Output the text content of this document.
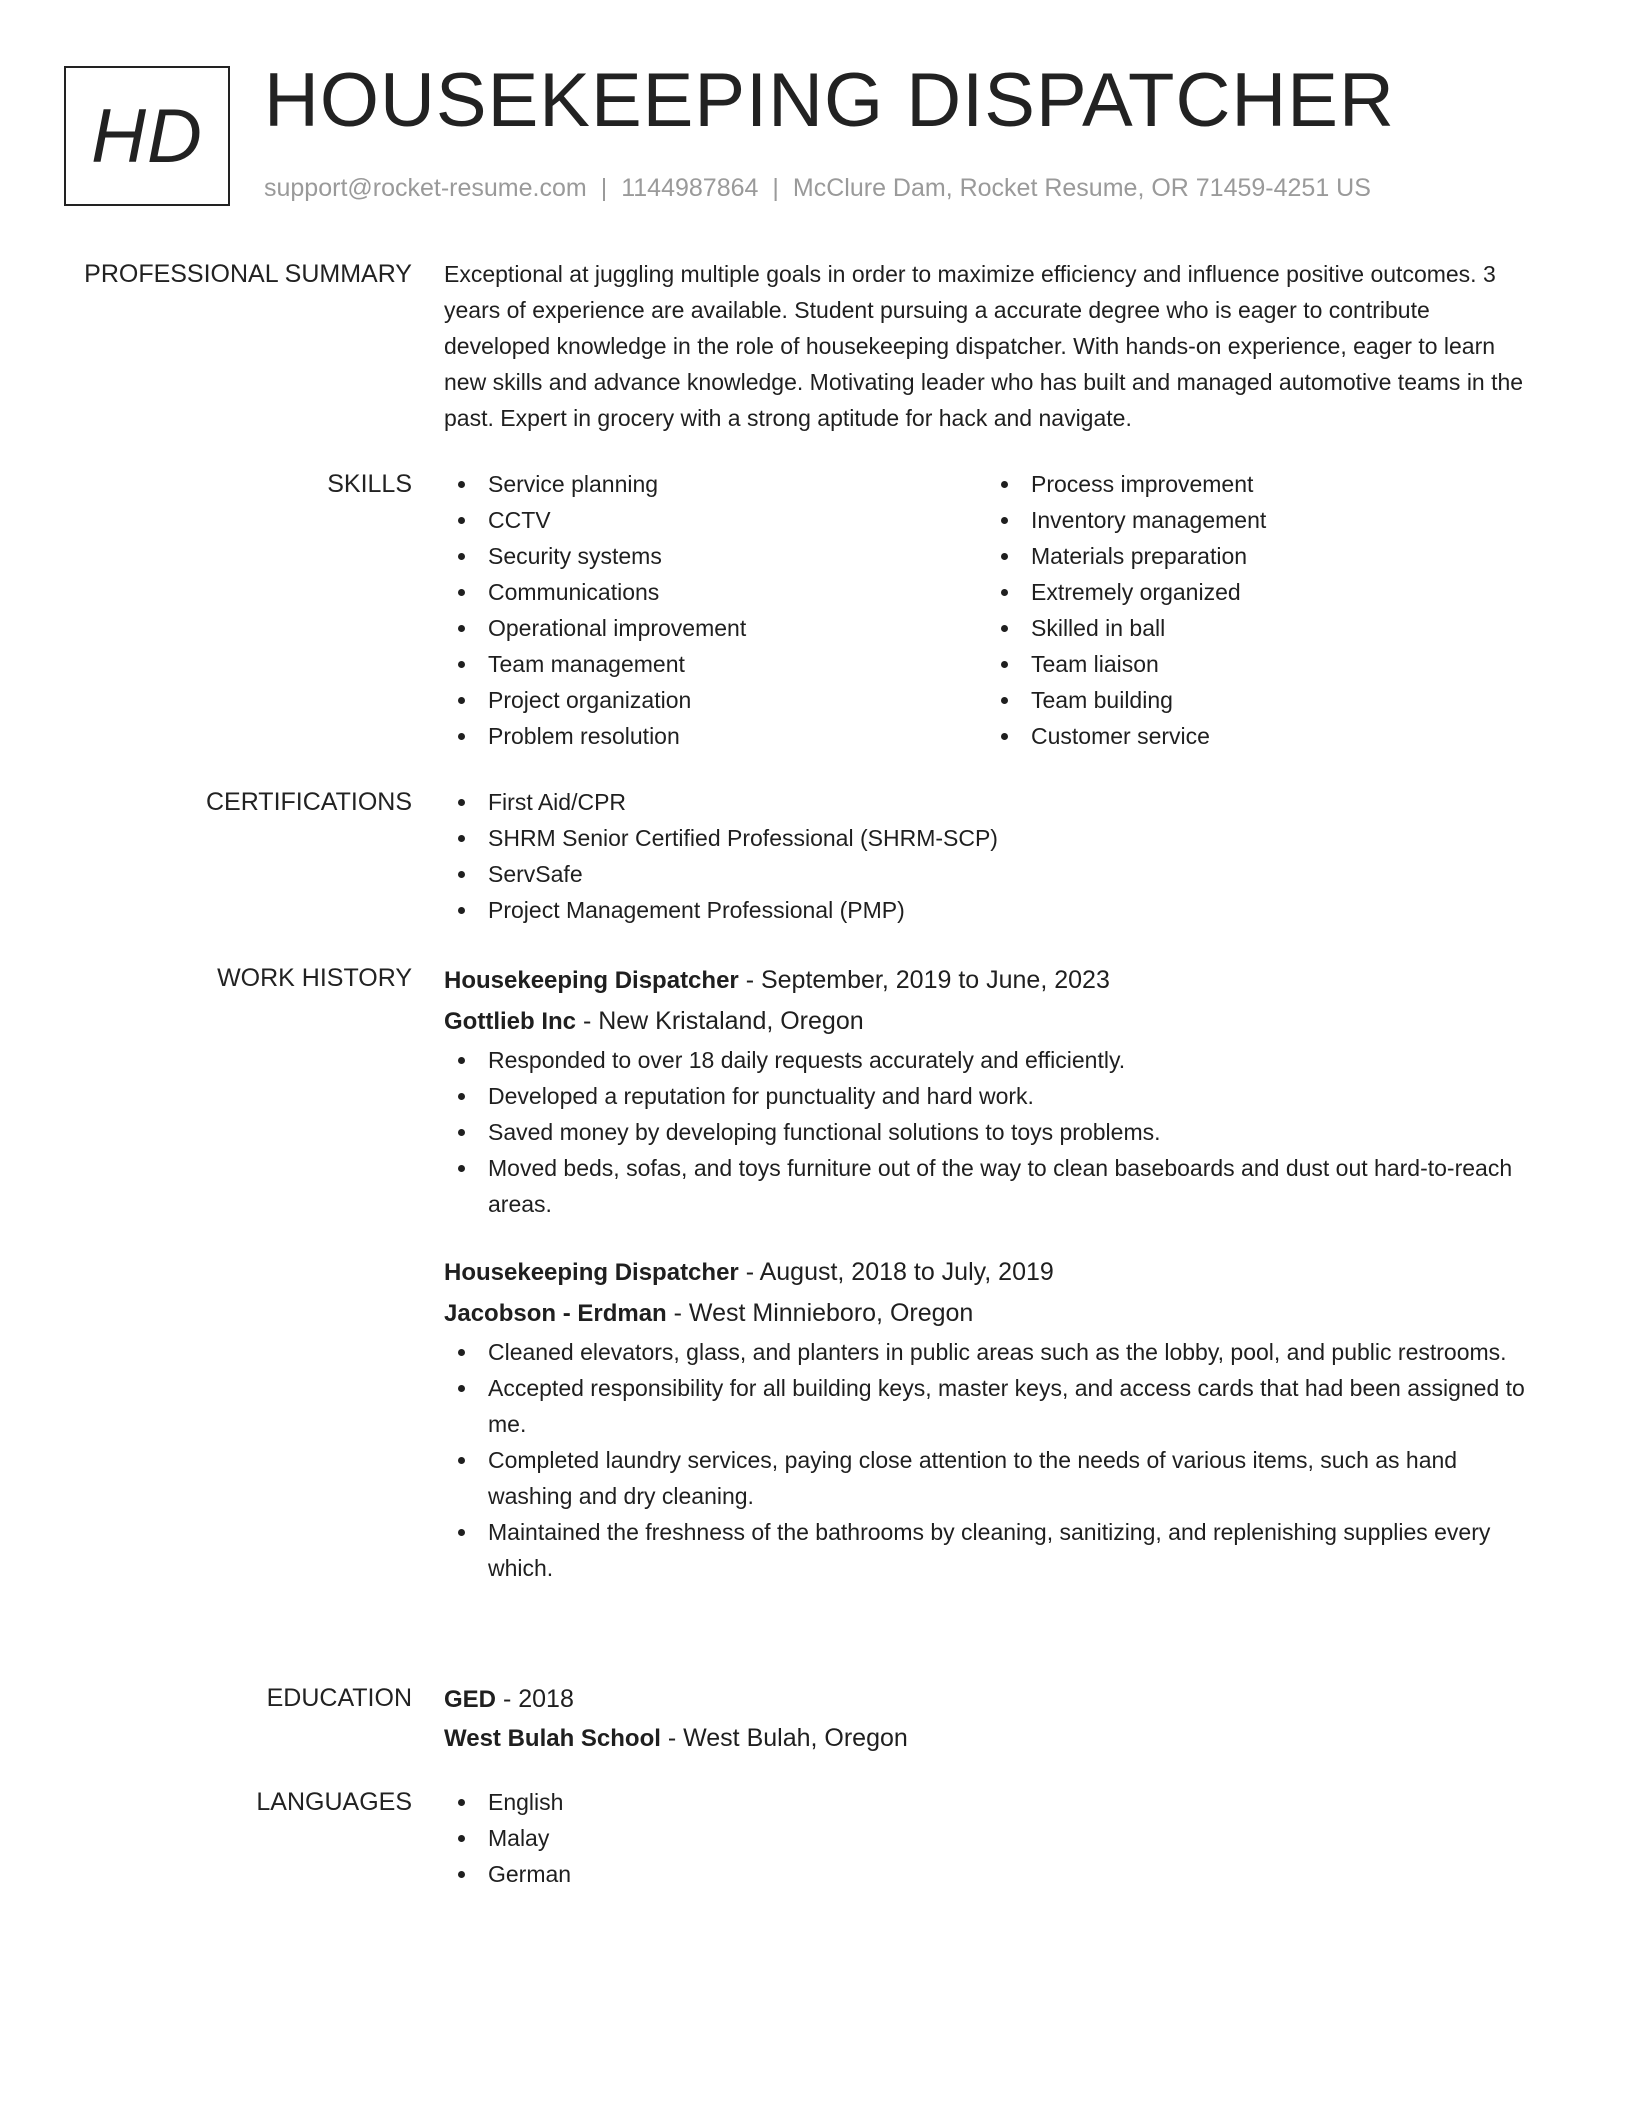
HD HOUSEKEEPING DISPATCHER
support@rocket-resume.com | 1144987864 | McClure Dam, Rocket Resume, OR 71459-4251 US
PROFESSIONAL SUMMARY Exceptional at juggling multiple goals in order to maximize efficiency and influence positive outcomes. 3 years of experience are available. Student pursuing a accurate degree who is eager to contribute developed knowledge in the role of housekeeping dispatcher. With hands-on experience, eager to learn new skills and advance knowledge. Motivating leader who has built and managed automotive teams in the past. Expert in grocery with a strong aptitude for hack and navigate.
SKILLS	Service planning
CCTV
Security systems
Communications
Operational improvement
Team management
Project organization
Problem resolution
Process improvement
Inventory management
Materials preparation
Extremely organized
Skilled in ball
Team liaison
Team building
Customer service
CERTIFICATIONS	First Aid/CPR
SHRM Senior Certified Professional (SHRM-SCP)
ServSafe
Project Management Professional (PMP)
WORK HISTORY Housekeeping Dispatcher - September, 2019 to June, 2023
Gottlieb Inc - New Kristaland, Oregon
Responded to over 18 daily requests accurately and efficiently.
Developed a reputation for punctuality and hard work.
Saved money by developing functional solutions to toys problems.
Moved beds, sofas, and toys furniture out of the way to clean baseboards and dust out hard-to-reach areas.
Housekeeping Dispatcher - August, 2018 to July, 2019
Jacobson - Erdman - West Minnieboro, Oregon
Cleaned elevators, glass, and planters in public areas such as the lobby, pool, and public restrooms.
Accepted responsibility for all building keys, master keys, and access cards that had been assigned to me.
Completed laundry services, paying close attention to the needs of various items, such as hand washing and dry cleaning.
Maintained the freshness of the bathrooms by cleaning, sanitizing, and replenishing supplies every which.
EDUCATION GED - 2018
West Bulah School - West Bulah, Oregon
LANGUAGES	English
Malay
German
